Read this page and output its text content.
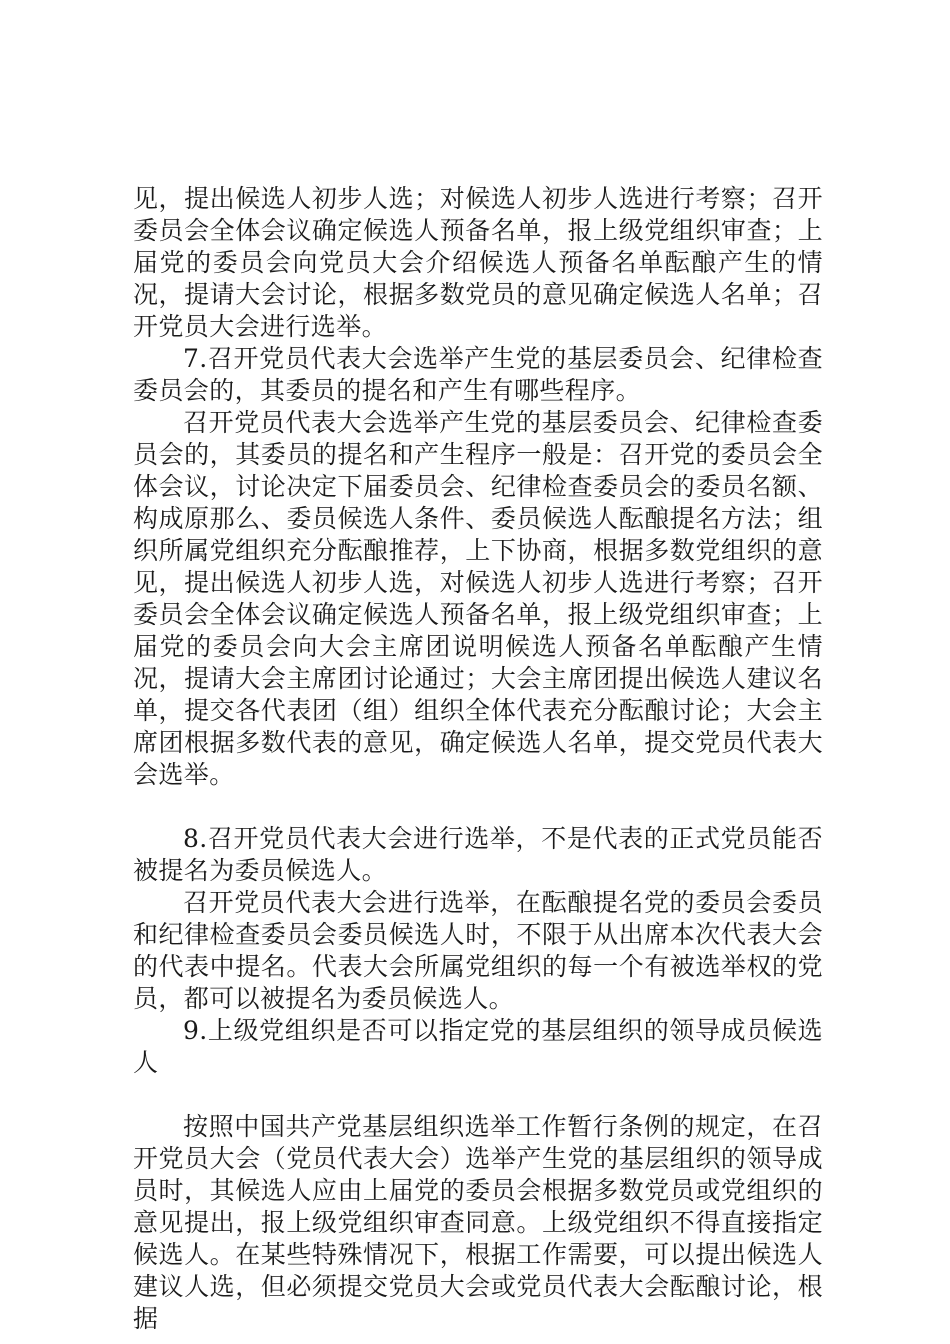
见，提出候选人初步人选；对候选人初步人选进行考察；召开委员会全体会议确定候选人预备名单，报上级党组织审查；上届党的委员会向党员大会介绍候选人预备名单酝酿产生的情况，提请大会讨论，根据多数党员的意见确定候选人名单；召开党员大会进行选举。

7.召开党员代表大会选举产生党的基层委员会、纪律检查委员会的，其委员的提名和产生有哪些程序。

召开党员代表大会选举产生党的基层委员会、纪律检查委员会的，其委员的提名和产生程序一般是：召开党的委员会全体会议，讨论决定下届委员会、纪律检查委员会的委员名额、构成原那么、委员候选人条件、委员候选人酝酿提名方法；组织所属党组织充分酝酿推荐，上下协商，根据多数党组织的意见，提出候选人初步人选，对候选人初步人选进行考察；召开委员会全体会议确定候选人预备名单，报上级党组织审查；上届党的委员会向大会主席团说明候选人预备名单酝酿产生情况，提请大会主席团讨论通过；大会主席团提出候选人建议名单，提交各代表团（组）组织全体代表充分酝酿讨论；大会主席团根据多数代表的意见，确定候选人名单，提交党员代表大会选举。

8.召开党员代表大会进行选举，不是代表的正式党员能否被提名为委员候选人。

召开党员代表大会进行选举，在酝酿提名党的委员会委员和纪律检查委员会委员候选人时，不限于从出席本次代表大会的代表中提名。代表大会所属党组织的每一个有被选举权的党员，都可以被提名为委员候选人。

9.上级党组织是否可以指定党的基层组织的领导成员候选人

按照中国共产党基层组织选举工作暂行条例的规定，在召开党员大会（党员代表大会）选举产生党的基层组织的领导成员时，其候选人应由上届党的委员会根据多数党员或党组织的意见提出，报上级党组织审查同意。上级党组织不得直接指定候选人。在某些特殊情况下，根据工作需要，可以提出候选人建议人选，但必须提交党员大会或党员代表大会酝酿讨论，根据
